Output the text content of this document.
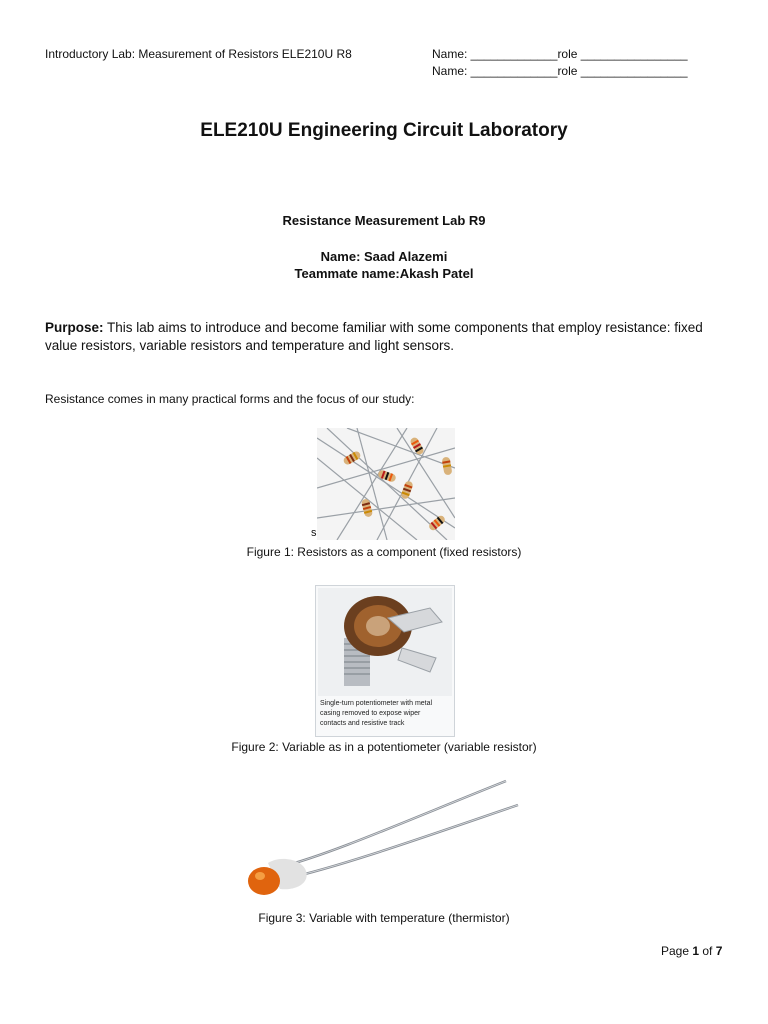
Introductory Lab: Measurement of Resistors ELE210U R8	Name: _____________role ________________
Name: _____________role ________________
ELE210U Engineering Circuit Laboratory
Resistance Measurement Lab R9
Name: Saad Alazemi
Teammate name:Akash Patel
Purpose: This lab aims to introduce and become familiar with some components that employ resistance: fixed value resistors, variable resistors and temperature and light sensors.
Resistance comes in many practical forms and the focus of our study:
s
Figure 1: Resistors as a component (fixed resistors)
Single-turn potentiometer with metal casing removed to expose wiper contacts and resistive track
Figure 2: Variable as in a potentiometer (variable resistor)
Figure 3: Variable with temperature (thermistor)
Page 1 of 7
